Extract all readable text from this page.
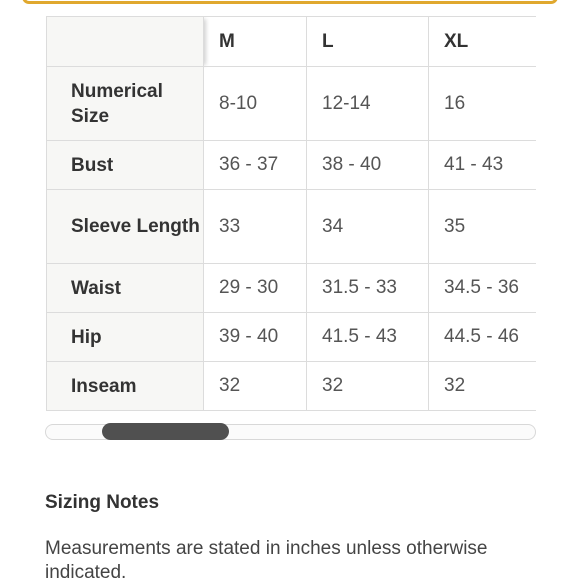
	M	L	XL	
Numerical Size	8-10	12-14	16	
Bust	36 - 37	38 - 40	41 - 43	
Sleeve Length	33	34	35	
Waist	29 - 30	31.5 - 33	34.5 - 36	
Hip	39 - 40	41.5 - 43	44.5 - 46	
Inseam	32	32	32	
Sizing Notes
Measurements are stated in inches unless otherwise indicated.
